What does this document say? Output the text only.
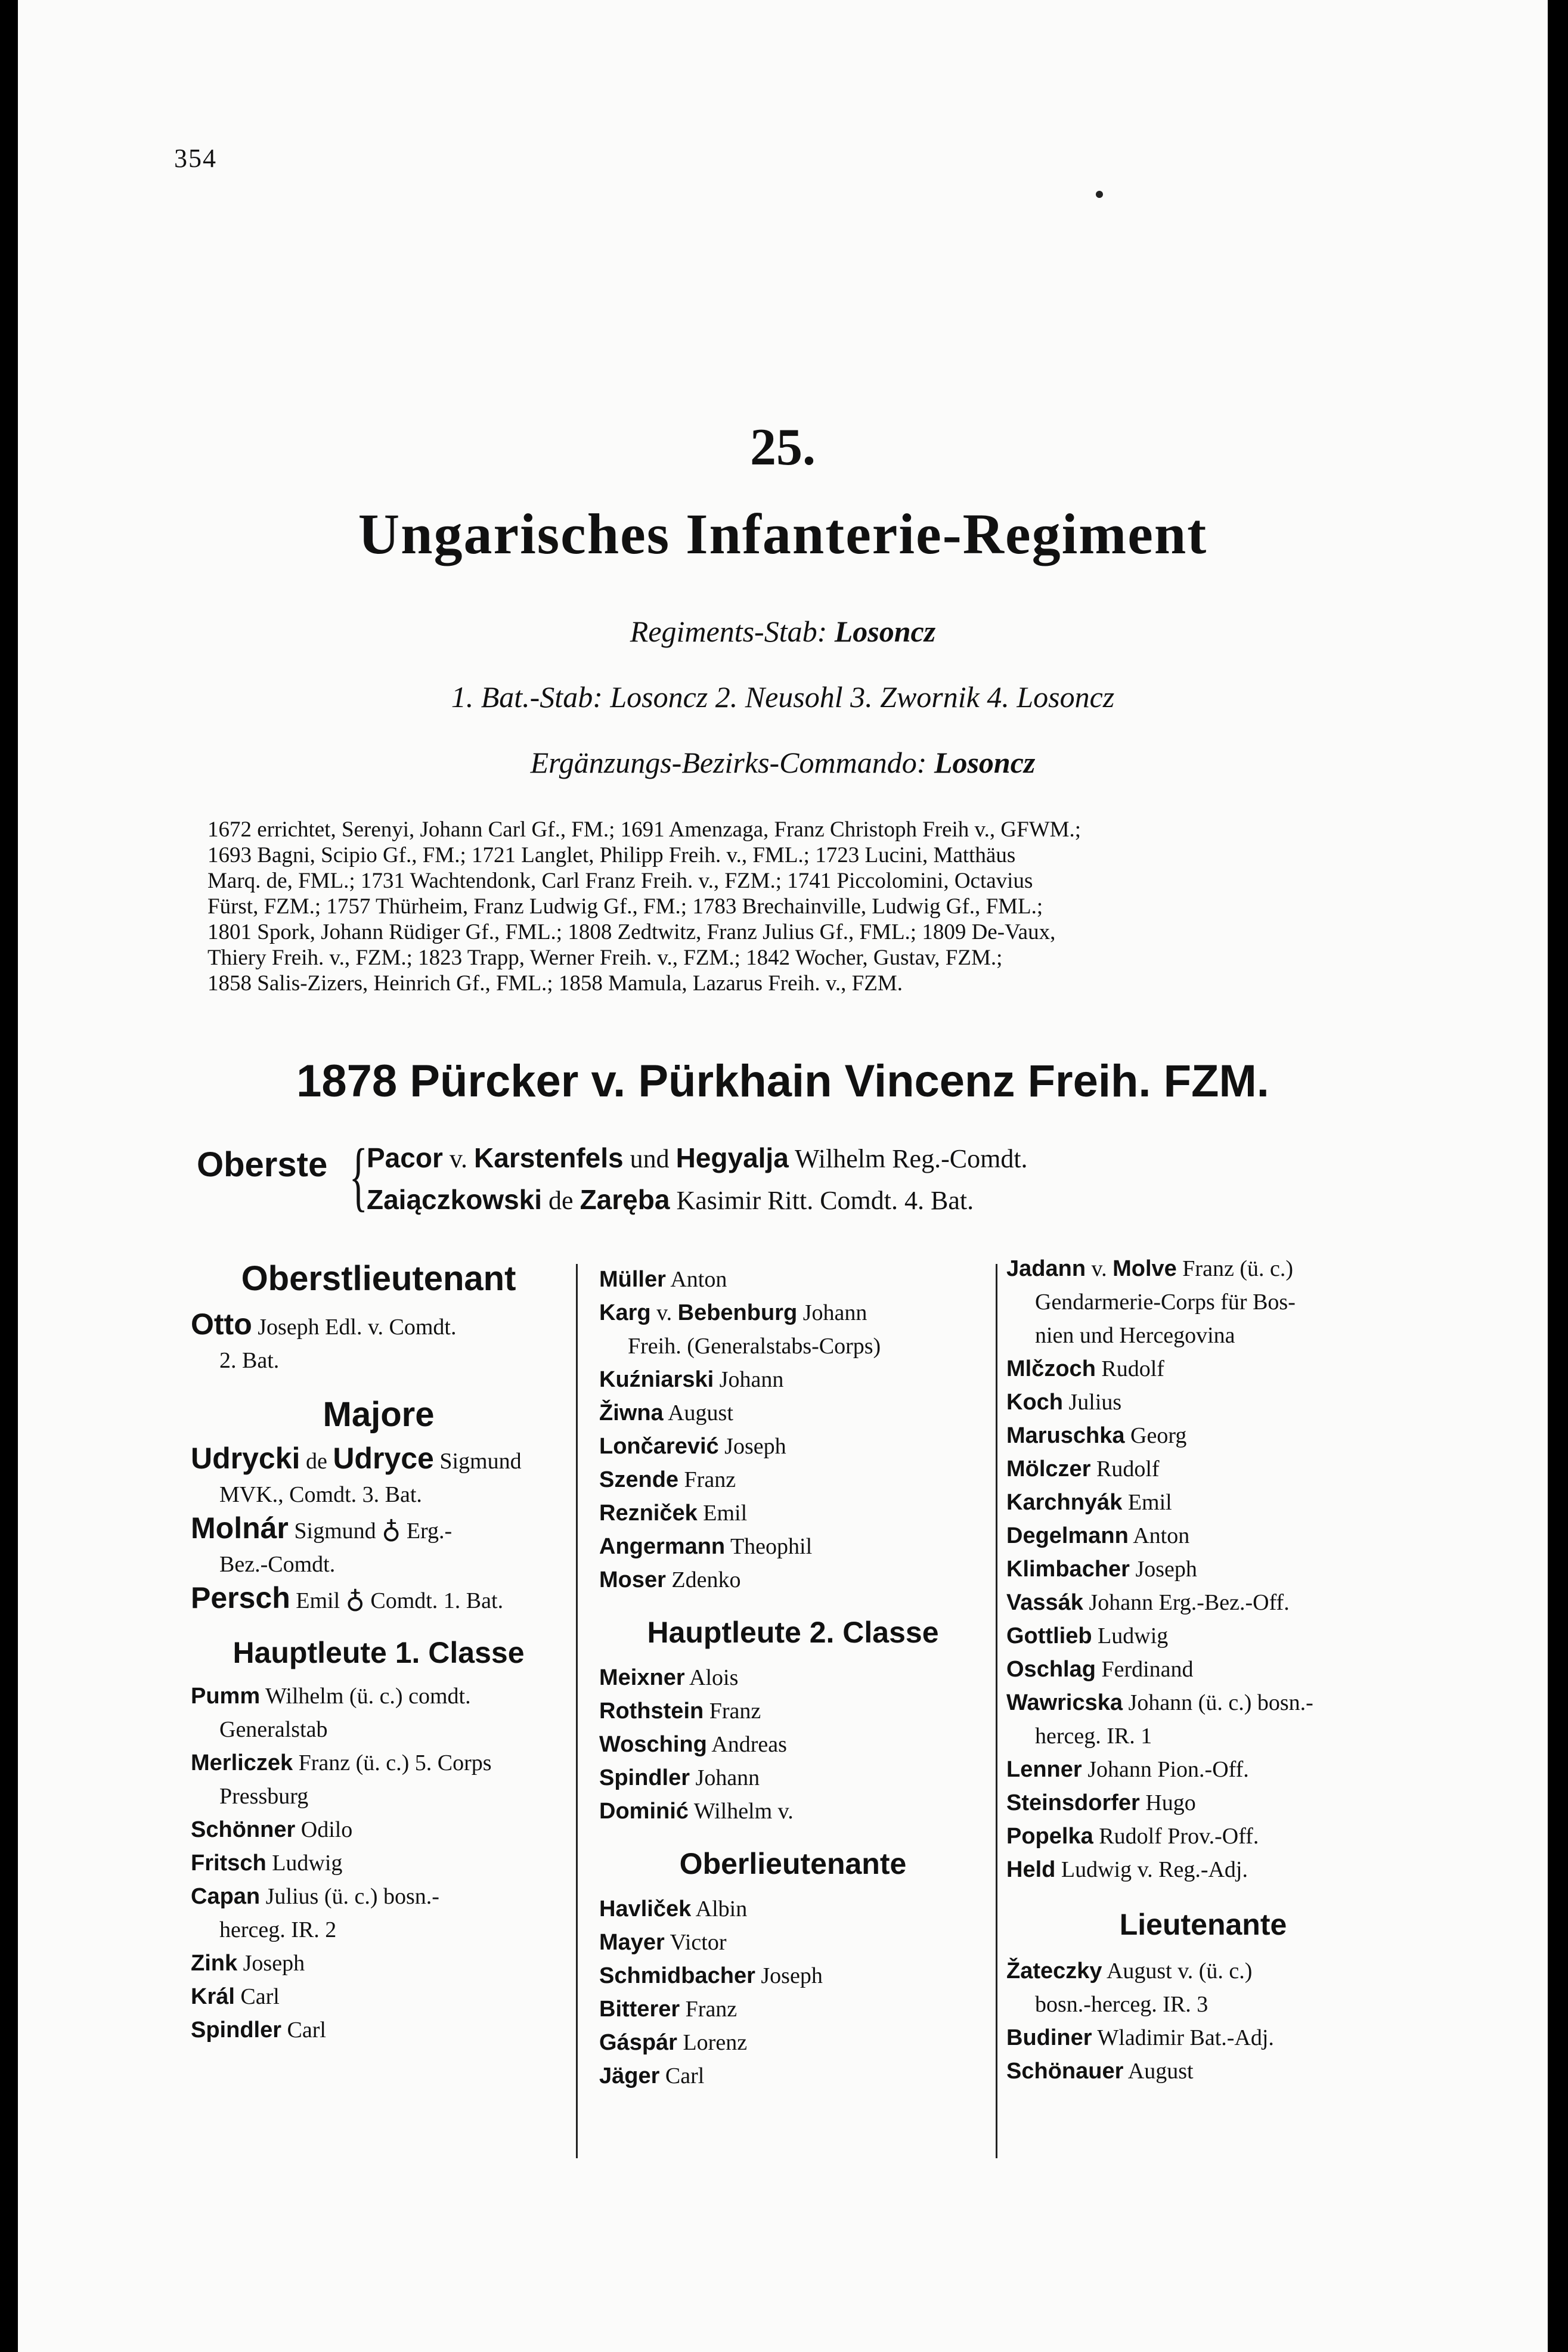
354
25.
Ungarisches Infanterie-Regiment
Regiments-Stab: Losoncz
1. Bat.-Stab: Losoncz 2. Neusohl 3. Zwornik 4. Losoncz
Ergänzungs-Bezirks-Commando: Losoncz
1672 errichtet, Serenyi, Johann Carl Gf., FM.; 1691 Amenzaga, Franz Christoph Freih v., GFWM.;
1693 Bagni, Scipio Gf., FM.; 1721 Langlet, Philipp Freih. v., FML.; 1723 Lucini, Matthäus
Marq. de, FML.; 1731 Wachtendonk, Carl Franz Freih. v., FZM.; 1741 Piccolomini, Octavius
Fürst, FZM.; 1757 Thürheim, Franz Ludwig Gf., FM.; 1783 Brechainville, Ludwig Gf., FML.;
1801 Spork, Johann Rüdiger Gf., FML.; 1808 Zedtwitz, Franz Julius Gf., FML.; 1809 De-Vaux,
Thiery Freih. v., FZM.; 1823 Trapp, Werner Freih. v., FZM.; 1842 Wocher, Gustav, FZM.;
1858 Salis-Zizers, Heinrich Gf., FML.; 1858 Mamula, Lazarus Freih. v., FZM.
1878 Pürcker v. Pürkhain Vincenz Freih. FZM.
Oberste {
Pacor v. Karstenfels und Hegyalja Wilhelm Reg.-Comdt.
Zaiączkowski de Zaręba Kasimir Ritt. Comdt. 4. Bat.
Oberstlieutenant
Otto Joseph Edl. v. Comdt.
2. Bat.
Majore
Udrycki de Udryce Sigmund
MVK., Comdt. 3. Bat.
Molnár Sigmund ♁ Erg.-
Bez.-Comdt.
Persch Emil ♁ Comdt. 1. Bat.
Hauptleute 1. Classe
Pumm Wilhelm (ü. c.) comdt.
Generalstab
Merliczek Franz (ü. c.) 5. Corps
Pressburg
Schönner Odilo
Fritsch Ludwig
Capan Julius (ü. c.) bosn.-
herceg. IR. 2
Zink Joseph
Král Carl
Spindler Carl
Müller Anton
Karg v. Bebenburg Johann
Freih. (Generalstabs-Corps)
Kuźniarski Johann
Žiwna August
Lončarević Joseph
Szende Franz
Rezniček Emil
Angermann Theophil
Moser Zdenko
Hauptleute 2. Classe
Meixner Alois
Rothstein Franz
Wosching Andreas
Spindler Johann
Dominić Wilhelm v.
Oberlieutenante
Havliček Albin
Mayer Victor
Schmidbacher Joseph
Bitterer Franz
Gáspár Lorenz
Jäger Carl
Jadann v. Molve Franz (ü. c.)
Gendarmerie-Corps für Bos-
nien und Hercegovina
Mlčzoch Rudolf
Koch Julius
Maruschka Georg
Mölczer Rudolf
Karchnyák Emil
Degelmann Anton
Klimbacher Joseph
Vassák Johann Erg.-Bez.-Off.
Gottlieb Ludwig
Oschlag Ferdinand
Wawricska Johann (ü. c.) bosn.-
herceg. IR. 1
Lenner Johann Pion.-Off.
Steinsdorfer Hugo
Popelka Rudolf Prov.-Off.
Held Ludwig v. Reg.-Adj.
Lieutenante
Žateczky August v. (ü. c.)
bosn.-herceg. IR. 3
Budiner Wladimir Bat.-Adj.
Schönauer August
